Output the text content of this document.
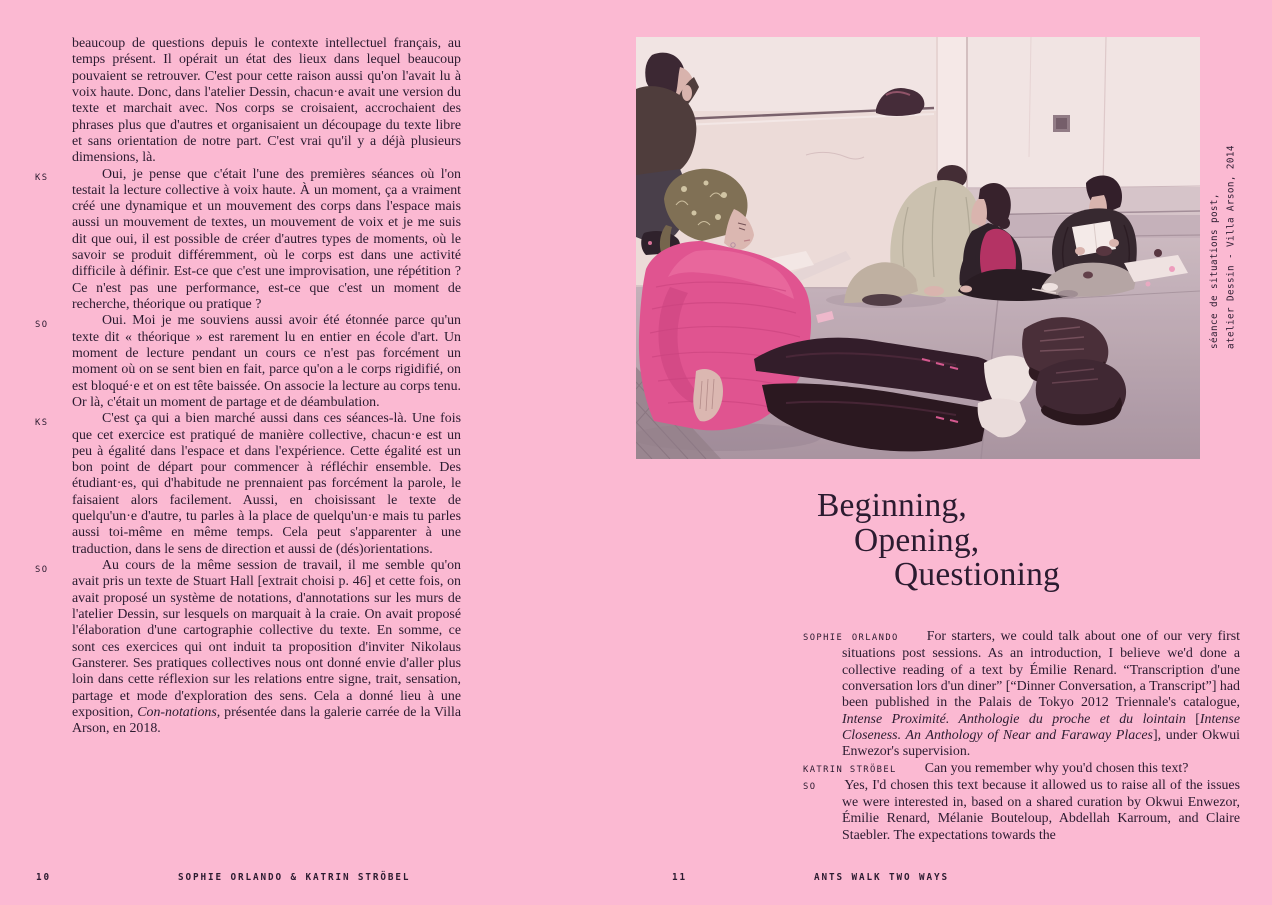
beaucoup de questions depuis le contexte intellectuel français, au temps présent. Il opérait un état des lieux dans lequel beaucoup pouvaient se retrouver. C'est pour cette raison aussi qu'on l'avait lu à voix haute. Donc, dans l'atelier Dessin, chacun·e avait une version du texte et marchait avec. Nos corps se croisaient, accrochaient des phrases plus que d'autres et organisaient un découpage du texte libre et sans orientation de notre part. C'est vrai qu'il y a déjà plusieurs dimensions, là.

KS	Oui, je pense que c'était l'une des premières séances où l'on testait la lecture collective à voix haute. À un moment, ça a vraiment créé une dynamique et un mouvement des corps dans l'espace mais aussi un mouvement de textes, un mouvement de voix et je me suis dit que oui, il est possible de créer d'autres types de moments, où le savoir se produit différemment, où le corps est dans une activité difficile à définir. Est-ce que c'est une improvisation, une répétition ? Ce n'est pas une performance, est-ce que c'est un moment de recherche, théorique ou pratique ?

SO	Oui. Moi je me souviens aussi avoir été étonnée parce qu'un texte dit « théorique » est rarement lu en entier en école d'art. Un moment de lecture pendant un cours ce n'est pas forcément un moment où on se sent bien en fait, parce qu'on a le corps rigidifié, on est bloqué·e et on est tête baissée. On associe la lecture au corps tenu. Or là, c'était un moment de partage et de déambulation.

KS	C'est ça qui a bien marché aussi dans ces séances-là. Une fois que cet exercice est pratiqué de manière collective, chacun·e est un peu à égalité dans l'espace et dans l'expérience. Cette égalité est un bon point de départ pour commencer à réfléchir ensemble. Des étudiant·es, qui d'habitude ne prennaient pas forcément la parole, le faisaient alors facilement. Aussi, en choisissant le texte de quelqu'un·e d'autre, tu parles à la place de quelqu'un·e mais tu parles aussi toi-même en même temps. Cela peut s'apparenter à une traduction, dans le sens de direction et aussi de (dés)orientations.

SO	Au cours de la même session de travail, il me semble qu'on avait pris un texte de Stuart Hall [extrait choisi p. 46] et cette fois, on avait proposé un système de notations, d'annotations sur les murs de l'atelier Dessin, sur lesquels on marquait à la craie. On avait proposé l'élaboration d'une cartographie collective du texte. En somme, ce sont ces exercices qui ont induit ta proposition d'inviter Nikolaus Gansterer. Ses pratiques collectives nous ont donné envie d'aller plus loin dans cette réflexion sur les relations entre signe, trait, sensation, partage et mode d'exploration des sens. Cela a donné lieu à une exposition, Con-notations, présentée dans la galerie carrée de la Villa Arson, en 2018.

10	SOPHIE ORLANDO & KATRIN STRÖBEL
séance de situations post, atelier Dessin - Villa Arson, 2014
Beginning,
Opening,
Questioning

SOPHIE ORLANDO For starters, we could talk about one of our very first situations post sessions. As an introduction, I believe we'd done a collective reading of a text by Émilie Renard. “Transcription d'une conversation lors d'un diner” [“Dinner Conversation, a Transcript”] had been published in the Palais de Tokyo 2012 Triennale's catalogue, Intense Proximité. Anthologie du proche et du lointain [Intense Closeness. An Anthology of Near and Faraway Places], under Okwui Enwezor's supervision.

KATRIN STRÖBEL Can you remember why you'd chosen this text?

SO Yes, I'd chosen this text because it allowed us to raise all of the issues we were interested in, based on a shared curation by Okwui Enwezor, Émilie Renard, Mélanie Bouteloup, Abdellah Karroum, and Claire Staebler. The expectations towards the

11	ANTS WALK TWO WAYS
